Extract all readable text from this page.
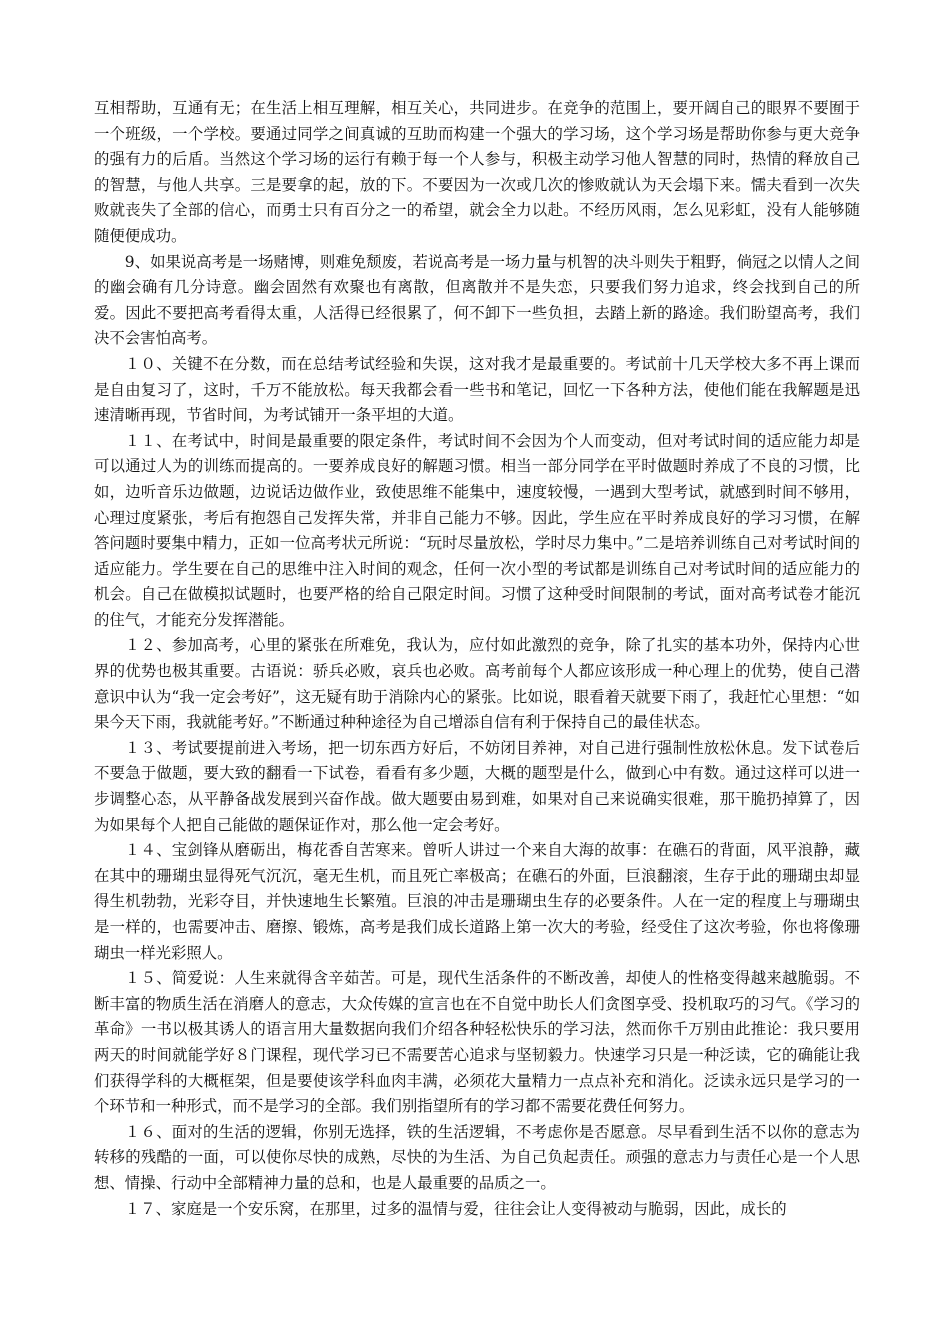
互相帮助，互通有无；在生活上相互理解，相互关心，共同进步。在竞争的范围上，要开阔自己的眼界不要囿于一个班级，一个学校。要通过同学之间真诚的互助而构建一个强大的学习场，这个学习场是帮助你参与更大竞争的强有力的后盾。当然这个学习场的运行有赖于每一个人参与，积极主动学习他人智慧的同时，热情的释放自己的智慧，与他人共享。三是要拿的起，放的下。不要因为一次或几次的惨败就认为天会塌下来。懦夫看到一次失败就丧失了全部的信心，而勇士只有百分之一的希望，就会全力以赴。不经历风雨，怎么见彩虹，没有人能够随随便便成功。

9、如果说高考是一场赌博，则难免颓废，若说高考是一场力量与机智的决斗则失于粗野，倘冠之以情人之间的幽会确有几分诗意。幽会固然有欢聚也有离散，但离散并不是失恋，只要我们努力追求，终会找到自己的所爱。因此不要把高考看得太重，人活得已经很累了，何不卸下一些负担，去踏上新的路途。我们盼望高考，我们决不会害怕高考。

１０、关键不在分数，而在总结考试经验和失误，这对我才是最重要的。考试前十几天学校大多不再上课而是自由复习了，这时，千万不能放松。每天我都会看一些书和笔记，回忆一下各种方法，使他们能在我解题是迅速清晰再现，节省时间，为考试铺开一条平坦的大道。

１１、在考试中，时间是最重要的限定条件，考试时间不会因为个人而变动，但对考试时间的适应能力却是可以通过人为的训练而提高的。一要养成良好的解题习惯。相当一部分同学在平时做题时养成了不良的习惯，比如，边听音乐边做题，边说话边做作业，致使思维不能集中，速度较慢，一遇到大型考试，就感到时间不够用，心理过度紧张，考后有抱怨自己发挥失常，并非自己能力不够。因此，学生应在平时养成良好的学习习惯，在解答问题时要集中精力，正如一位高考状元所说：“玩时尽量放松，学时尽力集中。”二是培养训练自己对考试时间的适应能力。学生要在自己的思维中注入时间的观念，任何一次小型的考试都是训练自己对考试时间的适应能力的机会。自己在做模拟试题时，也要严格的给自己限定时间。习惯了这种受时间限制的考试，面对高考试卷才能沉的住气，才能充分发挥潜能。

１２、参加高考，心里的紧张在所难免，我认为，应付如此激烈的竞争，除了扎实的基本功外，保持内心世界的优势也极其重要。古语说：骄兵必败，哀兵也必败。高考前每个人都应该形成一种心理上的优势，使自己潜意识中认为“我一定会考好”，这无疑有助于消除内心的紧张。比如说，眼看着天就要下雨了，我赶忙心里想：“如果今天下雨，我就能考好。”不断通过种种途径为自己增添自信有利于保持自己的最佳状态。

１３、考试要提前进入考场，把一切东西方好后，不妨闭目养神，对自己进行强制性放松休息。发下试卷后不要急于做题，要大致的翻看一下试卷，看看有多少题，大概的题型是什么，做到心中有数。通过这样可以进一步调整心态，从平静备战发展到兴奋作战。做大题要由易到难，如果对自己来说确实很难，那干脆扔掉算了，因为如果每个人把自己能做的题保证作对，那么他一定会考好。

１４、宝剑锋从磨砺出，梅花香自苦寒来。曾听人讲过一个来自大海的故事：在礁石的背面，风平浪静，藏在其中的珊瑚虫显得死气沉沉，毫无生机，而且死亡率极高；在礁石的外面，巨浪翻滚，生存于此的珊瑚虫却显得生机勃勃，光彩夺目，并快速地生长繁殖。巨浪的冲击是珊瑚虫生存的必要条件。人在一定的程度上与珊瑚虫是一样的，也需要冲击、磨擦、锻炼，高考是我们成长道路上第一次大的考验，经受住了这次考验，你也将像珊瑚虫一样光彩照人。

１５、简爱说：人生来就得含辛茹苦。可是，现代生活条件的不断改善，却使人的性格变得越来越脆弱。不断丰富的物质生活在消磨人的意志，大众传媒的宣言也在不自觉中助长人们贪图享受、投机取巧的习气。《学习的革命》一书以极其诱人的语言用大量数据向我们介绍各种轻松快乐的学习法，然而你千万别由此推论：我只要用两天的时间就能学好８门课程，现代学习已不需要苦心追求与坚韧毅力。快速学习只是一种泛读，它的确能让我们获得学科的大概框架，但是要使该学科血肉丰满，必须花大量精力一点点补充和消化。泛读永远只是学习的一个环节和一种形式，而不是学习的全部。我们别指望所有的学习都不需要花费任何努力。

１６、面对的生活的逻辑，你别无选择，铁的生活逻辑，不考虑你是否愿意。尽早看到生活不以你的意志为转移的残酷的一面，可以使你尽快的成熟，尽快的为生活、为自己负起责任。顽强的意志力与责任心是一个人思想、情操、行动中全部精神力量的总和，也是人最重要的品质之一。

１７、家庭是一个安乐窝，在那里，过多的温情与爱，往往会让人变得被动与脆弱，因此，成长的
